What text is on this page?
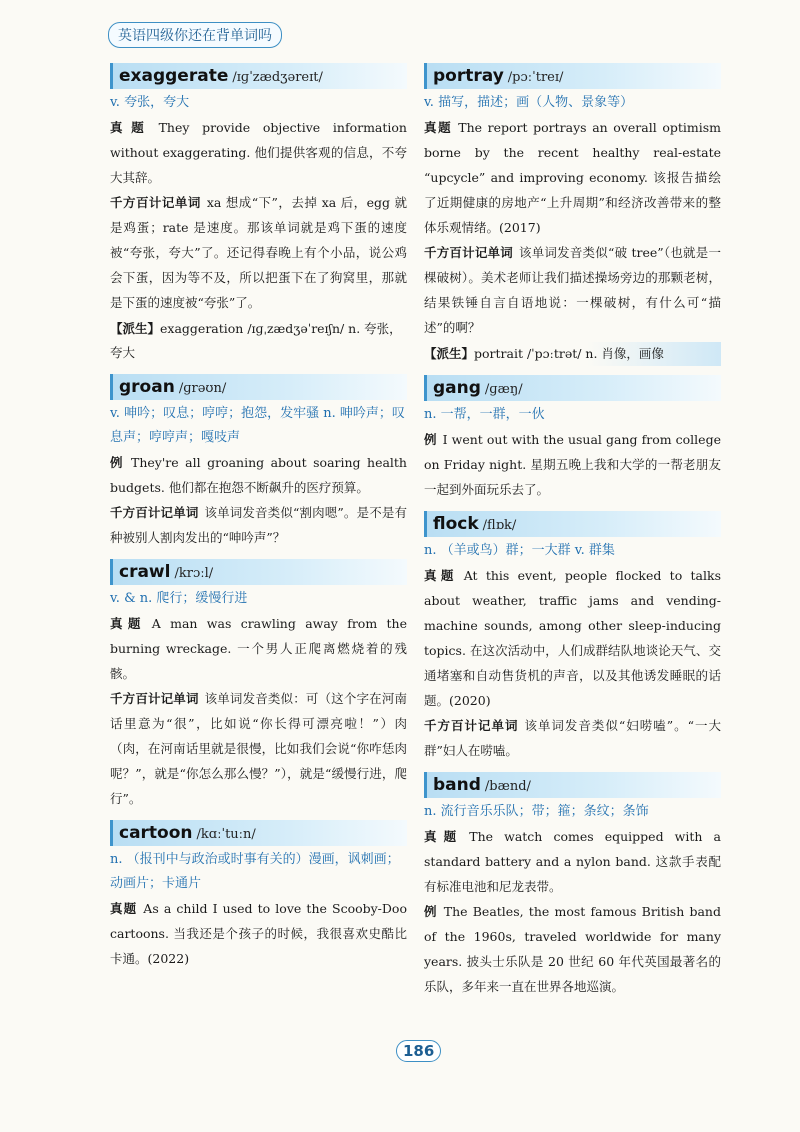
英语四级你还在背单词吗
exaggerate /ɪɡˈzædʒəreɪt/

v. 夸张，夸大

真题 They provide objective information without exaggerating. 他们提供客观的信息，不夸大其辞。

千方百计记单词 xa 想成“下”，去掉 xa 后，egg 就是鸡蛋；rate 是速度。那该单词就是鸡下蛋的速度被“夸张，夸大”了。还记得春晚上有个小品，说公鸡会下蛋，因为等不及，所以把蛋下在了狗窝里，那就是下蛋的速度被“夸张”了。

【派生】exaggeration /ɪɡˌzædʒəˈreɪʃn/ n. 夸张，夸大

groan /ɡrəʊn/

v. 呻吟；叹息；哼哼；抱怨，发牢骚 n. 呻吟声；叹息声；哼哼声；嘎吱声

例 They're all groaning about soaring health budgets. 他们都在抱怨不断飙升的医疗预算。

千方百计记单词 该单词发音类似“割肉嗯”。是不是有种被别人割肉发出的“呻吟声”？

crawl /krɔːl/

v. & n. 爬行；缓慢行进

真题 A man was crawling away from the burning wreckage. 一个男人正爬离燃烧着的残骸。

千方百计记单词 该单词发音类似：可（这个字在河南话里意为“很”，比如说“你长得可漂亮啦！”）肉（肉，在河南话里就是很慢，比如我们会说“你咋恁肉呢？”，就是“你怎么那么慢？”），就是“缓慢行进，爬行”。

cartoon /kɑːˈtuːn/

n. （报刊中与政治或时事有关的）漫画，讽刺画；动画片；卡通片

真题 As a child I used to love the Scooby-Doo cartoons. 当我还是个孩子的时候，我很喜欢史酷比卡通。(2022)

portray /pɔːˈtreɪ/

v. 描写，描述；画（人物、景象等）

真题 The report portrays an overall optimism borne by the recent healthy real-estate “upcycle” and improving economy. 该报告描绘了近期健康的房地产“上升周期”和经济改善带来的整体乐观情绪。(2017)

千方百计记单词 该单词发音类似“破 tree”（也就是一棵破树）。美术老师让我们描述操场旁边的那颗老树，结果铁锤自言自语地说：一棵破树，有什么可“描述”的啊？

【派生】portrait /ˈpɔːtrət/ n. 肖像，画像

gang /ɡæŋ/

n. 一帮，一群，一伙

例 I went out with the usual gang from college on Friday night. 星期五晚上我和大学的一帮老朋友一起到外面玩乐去了。

flock /flɒk/

n. （羊或鸟）群；一大群 v. 群集

真题 At this event, people flocked to talks about weather, traffic jams and vending-machine sounds, among other sleep-inducing topics. 在这次活动中，人们成群结队地谈论天气、交通堵塞和自动售货机的声音，以及其他诱发睡眠的话题。(2020)

千方百计记单词 该单词发音类似“妇唠嗑”。“一大群”妇人在唠嗑。

band /bænd/

n. 流行音乐乐队；带；箍；条纹；条饰

真题 The watch comes equipped with a standard battery and a nylon band. 这款手表配有标准电池和尼龙表带。

例 The Beatles, the most famous British band of the 1960s, traveled worldwide for many years. 披头士乐队是 20 世纪 60 年代英国最著名的乐队，多年来一直在世界各地巡演。

186
